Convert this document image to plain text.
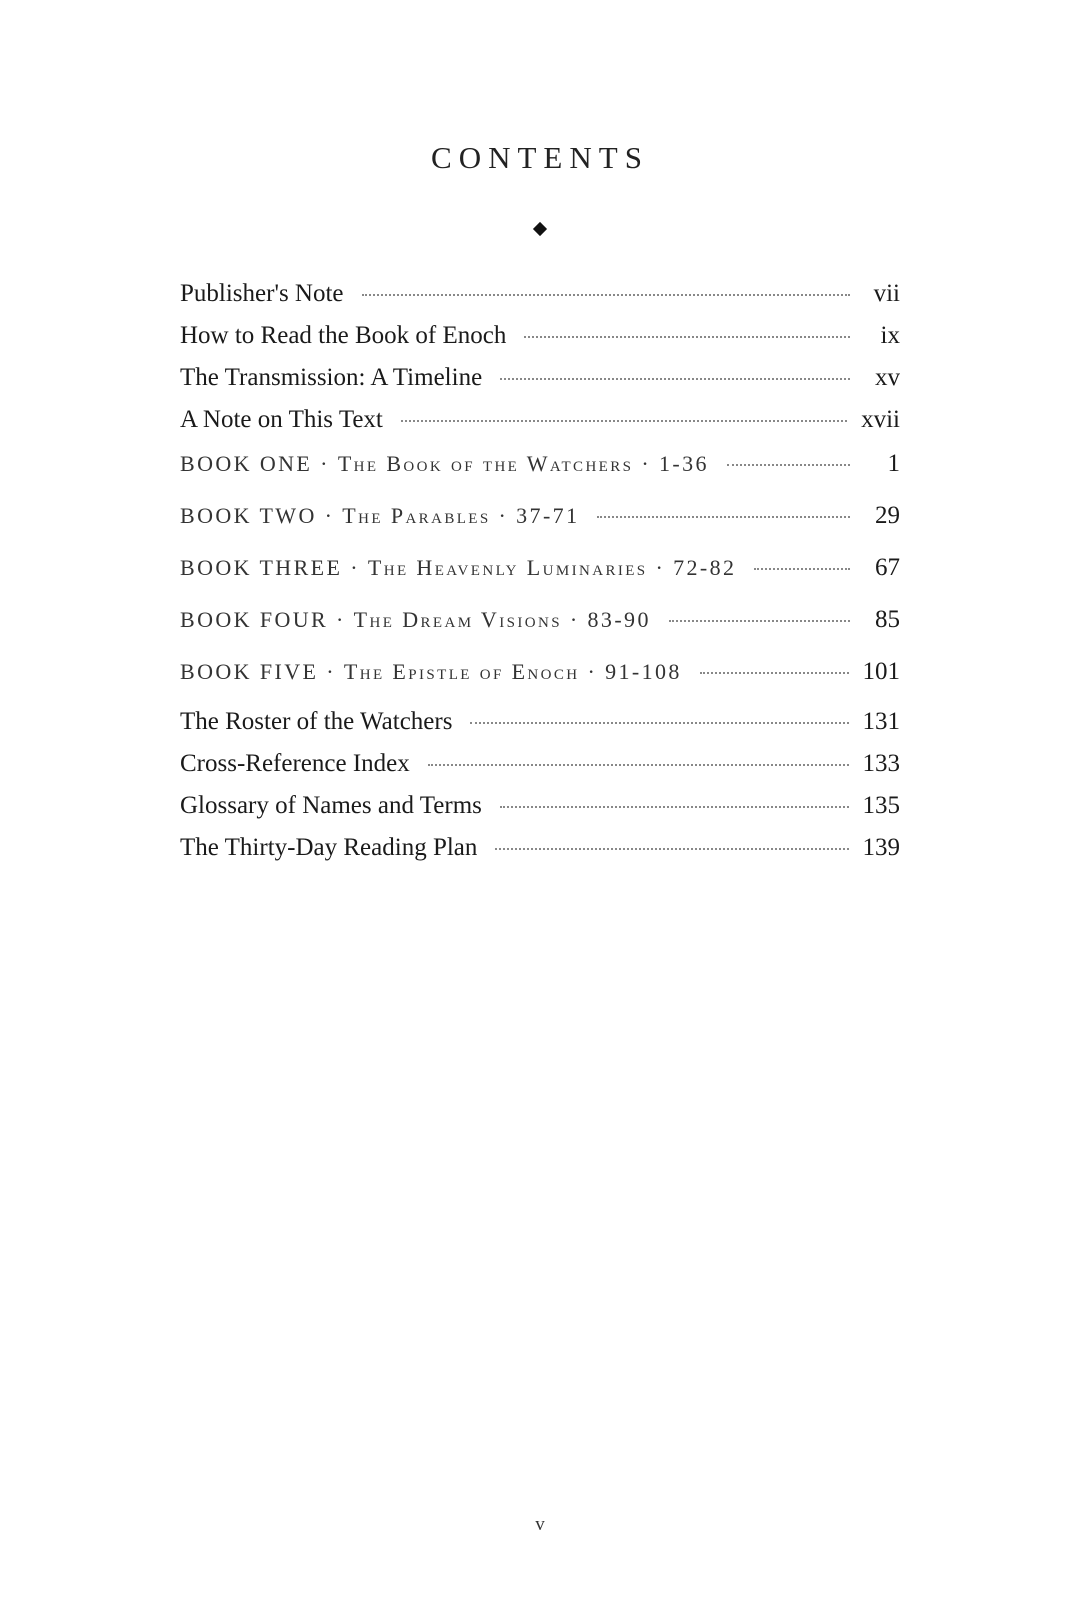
CONTENTS
Publisher's Note	vii
How to Read the Book of Enoch	ix
The Transmission: A Timeline	xv
A Note on This Text	xvii
BOOK ONE · The Book of the Watchers · 1-36	1
BOOK TWO · The Parables · 37-71	29
BOOK THREE · The Heavenly Luminaries · 72-82	67
BOOK FOUR · The Dream Visions · 83-90	85
BOOK FIVE · The Epistle of Enoch · 91-108	101
The Roster of the Watchers	131
Cross-Reference Index	133
Glossary of Names and Terms	135
The Thirty-Day Reading Plan	139
v
